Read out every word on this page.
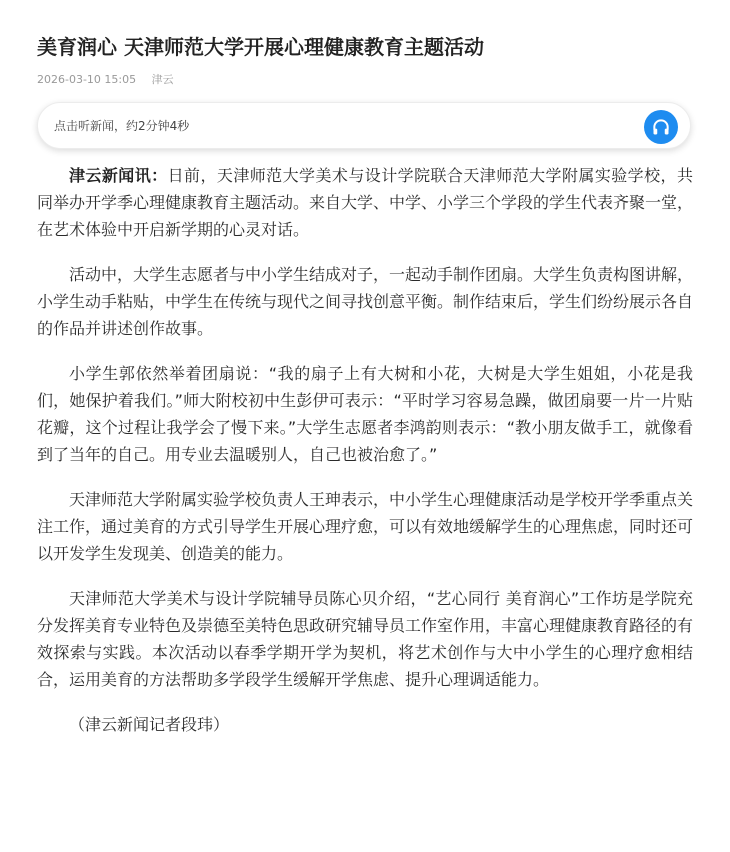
美育润心 天津师范大学开展心理健康教育主题活动
2026-03-10 15:05 津云
点击听新闻，约2分钟4秒

津云新闻讯：日前，天津师范大学美术与设计学院联合天津师范大学附属实验学校，共同举办开学季心理健康教育主题活动。来自大学、中学、小学三个学段的学生代表齐聚一堂，在艺术体验中开启新学期的心灵对话。

活动中，大学生志愿者与中小学生结成对子，一起动手制作团扇。大学生负责构图讲解，小学生动手粘贴，中学生在传统与现代之间寻找创意平衡。制作结束后，学生们纷纷展示各自的作品并讲述创作故事。

小学生郭依然举着团扇说：“我的扇子上有大树和小花，大树是大学生姐姐，小花是我们，她保护着我们。”师大附校初中生彭伊可表示：“平时学习容易急躁，做团扇要一片一片贴花瓣，这个过程让我学会了慢下来。”大学生志愿者李鸿韵则表示：“教小朋友做手工，就像看到了当年的自己。用专业去温暖别人，自己也被治愈了。”

天津师范大学附属实验学校负责人王珅表示，中小学生心理健康活动是学校开学季重点关注工作，通过美育的方式引导学生开展心理疗愈，可以有效地缓解学生的心理焦虑，同时还可以开发学生发现美、创造美的能力。

天津师范大学美术与设计学院辅导员陈心贝介绍，“艺心同行 美育润心”工作坊是学院充分发挥美育专业特色及崇德至美特色思政研究辅导员工作室作用，丰富心理健康教育路径的有效探索与实践。本次活动以春季学期开学为契机，将艺术创作与大中小学生的心理疗愈相结合，运用美育的方法帮助多学段学生缓解开学焦虑、提升心理调适能力。

（津云新闻记者段玮）
